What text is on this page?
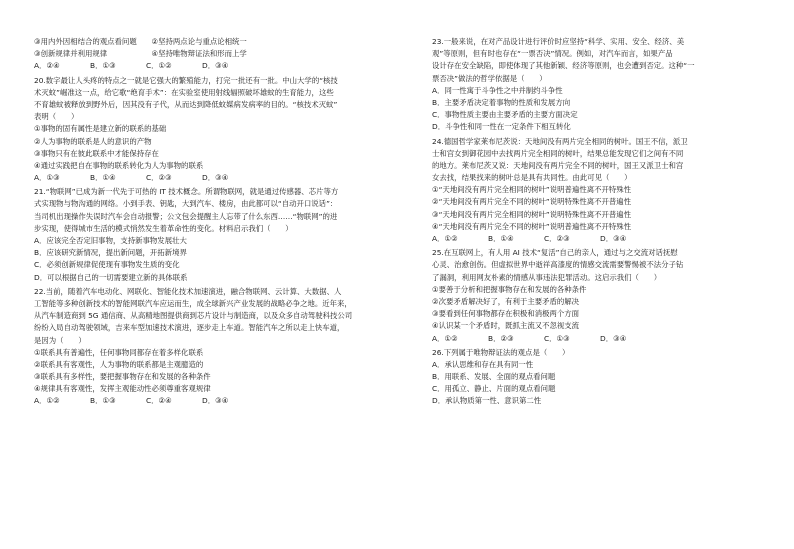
③用内外因相结合的观点看问题　　②坚持两点论与重点论相统一
③创新规律并利用规律　　　　　　④坚持唯物辩证法和形而上学
A．②④	B．①③	C．①②	D．③④
20.数字最让人头疼的特点之一就是它强大的繁殖能力，打完一批还有一批。中山大学的“核技
术灭蚊”崛准这一点，给它歌“绝育手术”：在实验室使用射线辐照破坏雄蚊的生育能力，这些
不育雄蚊被释放到野外后，因其没有子代，从而达到降低蚊媒病发病率的目的。“核技术灭蚊”
表明（　　）
①事物的固有属性是建立新的联系的基础
②人为事物的联系是人的意识的产物
③事物只有在彼此联系中才能保持存在
④通过实践把自在事物的联系转化为人为事物的联系
A．①③	B．①④	C．②③	D．③④
21.“物联网”已成为新一代先于可热的 IT 技术概念。所谓物联网，就是通过传感器、芯片等方
式实现物与物沟通的网络。小到手表、钥匙，大到汽车、楼房，由此都可以“自动开口说话”：
当司机出现操作失误时汽车会自动报警；公文包会提醒主人忘带了什么东西……“物联网”的进
步实现，使得城市生活的模式悄然发生着革命性的变化。材料启示我们（　　）
A．应该完全否定旧事物，支持新事物发展壮大
B．应该研究新情况，提出新问题，开拓新境界
C．必须创新规律促使现有事物发生质的变化
D．可以根据自己的一切需要建立新的具体联系
22.当前，随着汽车电动化、网联化、智能化技术加速演进，融合物联网、云计算、大数据、人
工智能等多种创新技术的智能网联汽车应运而生，成全球新兴产业发展的战略必争之地。近年来，
从汽车制造商到 5G 通信商、从高精地图提供商到芯片设计与制造商，以及众多自动驾驶科技公司
纷纷入局自动驾驶领域，吉来车型加速技术演进，逐步走上车道。智能汽车之所以走上快车道，
是因为（　　）
①联系具有普遍性，任何事物同都存在着多样化联系
②联系具有客观性，人为事物的联系都是主观臆造的
③联系具有多样性，要把握事物存在和发展的各种条件
④规律具有客观性，发挥主观能动性必须尊重客观规律
A．①②	B．①③	C．②④	D．③④
23.一般来说，在对产品设计进行评价时应坚持“科学、实用、安全、经济、美
观”等原则，但有时也存在“一票否决”情况。例如，对汽车而言，如果产品
设计存在安全缺陷，即使体现了其他新颖、经济等原则，也会遭到否定。这种“一
票否决”做法的哲学依据是（　　）
A．同一性寓于斗争性之中并制约斗争性
B．主要矛盾决定着事物的性质和发展方向
C．事物性质主要由主要矛盾的主要方面决定
D．斗争性和同一性在一定条件下相互转化
24.德国哲学家莱布尼茨说：天地间没有两片完全相同的树叶。国王不信，派卫
士和宫女到御花园中去找两片完全相同的树叶，结果总能发现它们之间有不同
的地方。莱布尼茨又说：天地间没有两片完全不同的树叶，国王又派卫士和宫
女去找，结果找来的树叶总是具有共同性。由此可见（　　）
①“天地间没有两片完全相同的树叶”说明普遍性离不开特殊性
②“天地间没有两片完全不同的树叶”说明特殊性离不开普遍性
③“天地间没有两片完全相同的树叶”说明特殊性离不开普遍性
④“天地间没有两片完全不同的树叶”说明普遍性离不开特殊性
A．①②	B．①④	C．②③	D．③④
25.在互联网上，有人用 AI 技术“复活”自己的亲人，通过与之交流对话抚慰
心灵、治愈创伤。但虚拟世界中逝祥高漆度的情感交流需要警惕被不法分子钻
了漏洞，利用网友朴素的情感从事违法犯罪活动。这启示我们（　　）
①要善于分析和把握事物存在和发展的各种条件
②次要矛盾解决好了，有利于主要矛盾的解决
③要看到任何事物都存在积极和消极两个方面
④认识某一个矛盾时，既抓主流又不忽视支流
A．①②	B．②③	C．①③	D．③④
26.下列属于唯物辩证法的观点是（　　）
A．承认思维和存在具有同一性
B．用联系、发展、全面的观点看问题
C．用孤立、静止、片面的观点看问题
D．承认物质第一性、意识第二性
